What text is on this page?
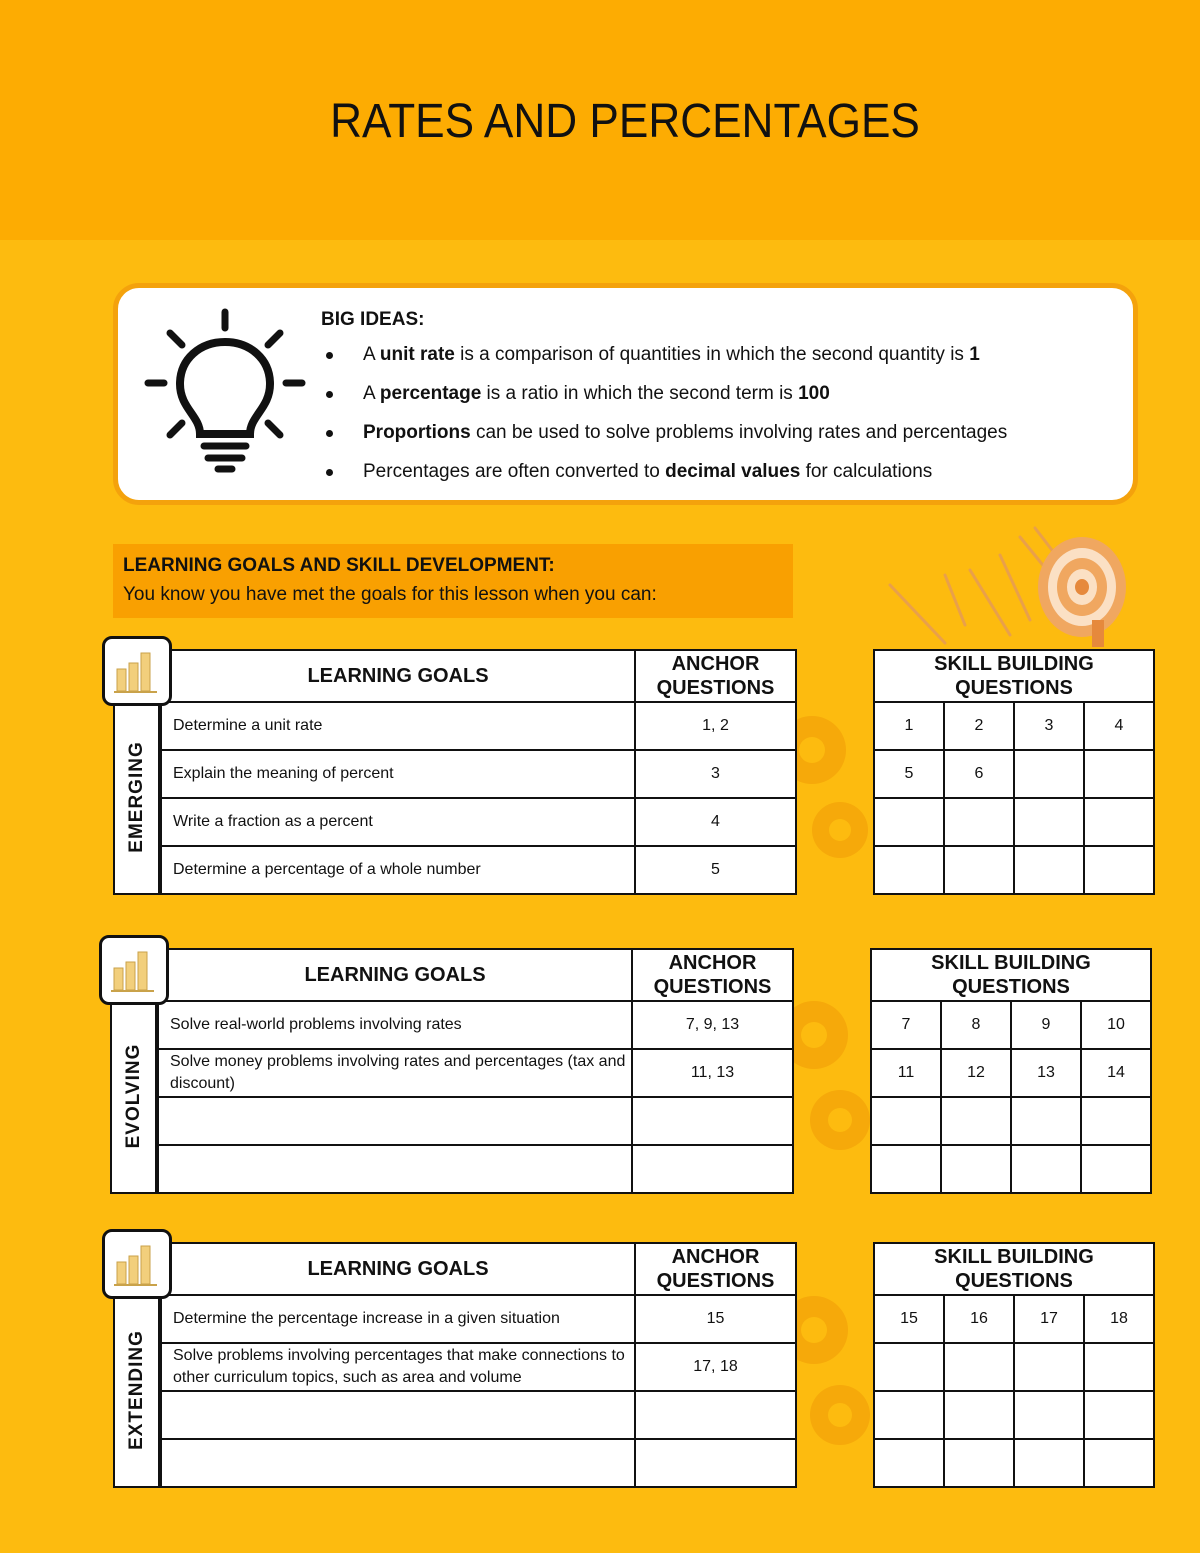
RATES AND PERCENTAGES
BIG IDEAS:
A unit rate is a comparison of quantities in which the second quantity is 1
A percentage is a ratio in which the second term is 100
Proportions can be used to solve problems involving rates and percentages
Percentages are often converted to decimal values for calculations
LEARNING GOALS AND SKILL DEVELOPMENT:
You know you have met the goals for this lesson when you can:
LEARNING GOALS	ANCHOR QUESTIONS
Determine a unit rate	1, 2
Explain the meaning of percent	3
Write a fraction as a percent	4
Determine a percentage of a whole number	5
EMERGING
SKILL BUILDING QUESTIONS			
1	2	3	4
5	6		

LEARNING GOALS	ANCHOR QUESTIONS
Solve real-world problems involving rates	7, 9, 13
Solve money problems involving rates and percentages (tax and discount)	11, 13

EVOLVING
SKILL BUILDING QUESTIONS			
7	8	9	10
11	12	13	14

LEARNING GOALS	ANCHOR QUESTIONS
Determine the percentage increase in a given situation	15
Solve problems involving percentages that make connections to other curriculum topics, such as area and volume	17, 18

EXTENDING
SKILL BUILDING QUESTIONS			
15	16	17	18
